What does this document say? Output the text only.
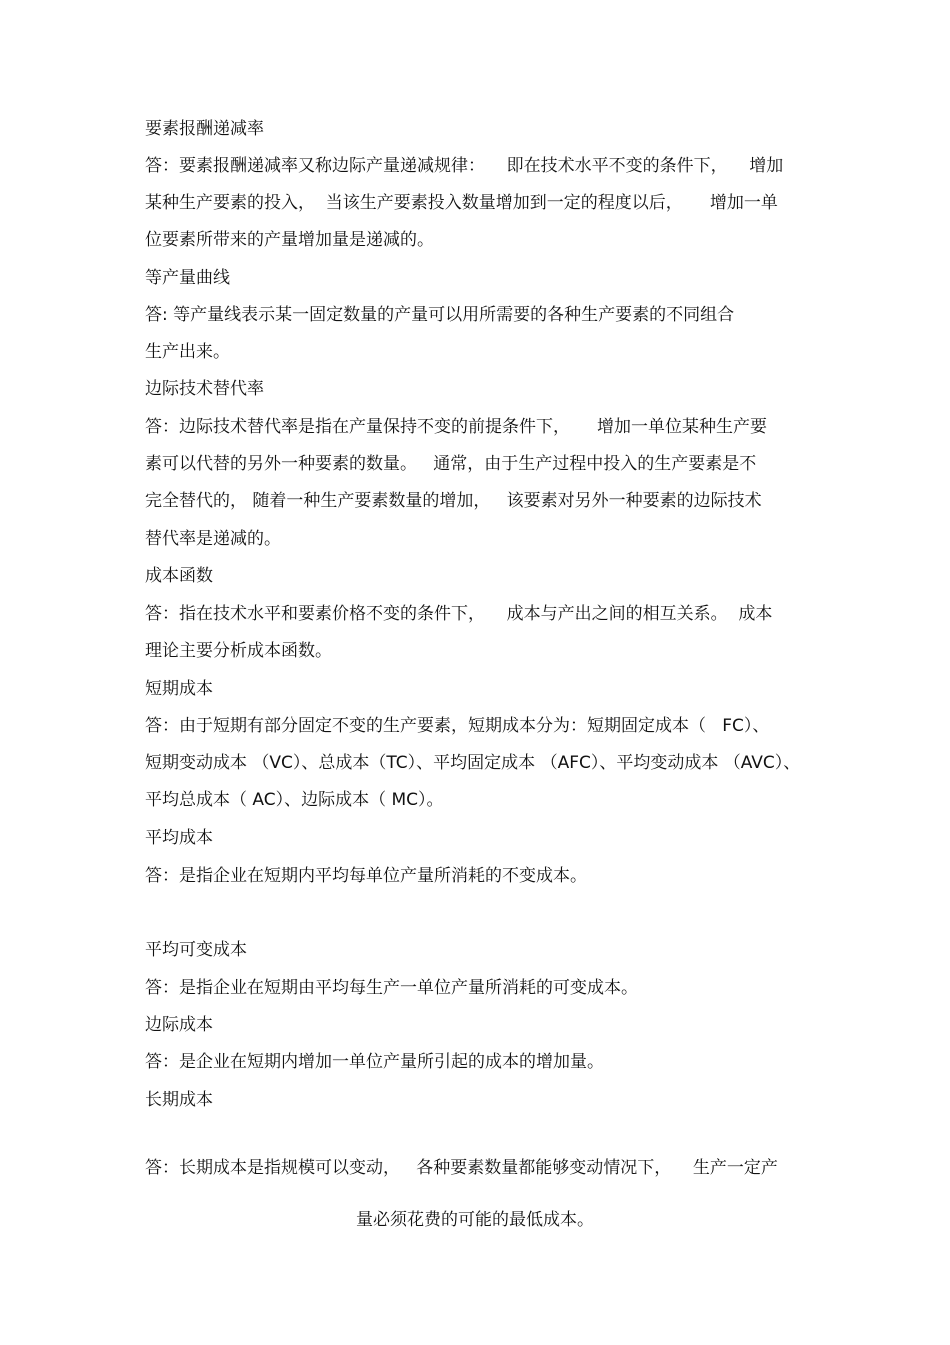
要素报酬递减率
答：要素报酬递减率又称边际产量递减规律：    即在技术水平不变的条件下，    增加
某种生产要素的投入，  当该生产要素投入数量增加到一定的程度以后，     增加一单
位要素所带来的产量增加量是递减的。
等产量曲线
答: 等产量线表示某一固定数量的产量可以用所需要的各种生产要素的不同组合
生产出来。
边际技术替代率
答：边际技术替代率是指在产量保持不变的前提条件下，     增加一单位某种生产要
素可以代替的另外一种要素的数量。   通常，由于生产过程中投入的生产要素是不
完全替代的， 随着一种生产要素数量的增加，   该要素对另外一种要素的边际技术
替代率是递减的。
成本函数
答：指在技术水平和要素价格不变的条件下，    成本与产出之间的相互关系。  成本
理论主要分析成本函数。
短期成本
答：由于短期有部分固定不变的生产要素，短期成本分为：短期固定成本（   FC）、
短期变动成本 （VC）、总成本（TC）、平均固定成本 （AFC）、平均变动成本 （AVC）、
平均总成本（ AC）、边际成本（ MC）。
平均成本
答：是指企业在短期内平均每单位产量所消耗的不变成本。
平均可变成本
答：是指企业在短期由平均每生产一单位产量所消耗的可变成本。
边际成本
答：是企业在短期内增加一单位产量所引起的成本的增加量。
长期成本
答：长期成本是指规模可以变动，   各种要素数量都能够变动情况下，    生产一定产
量必须花费的可能的最低成本。
